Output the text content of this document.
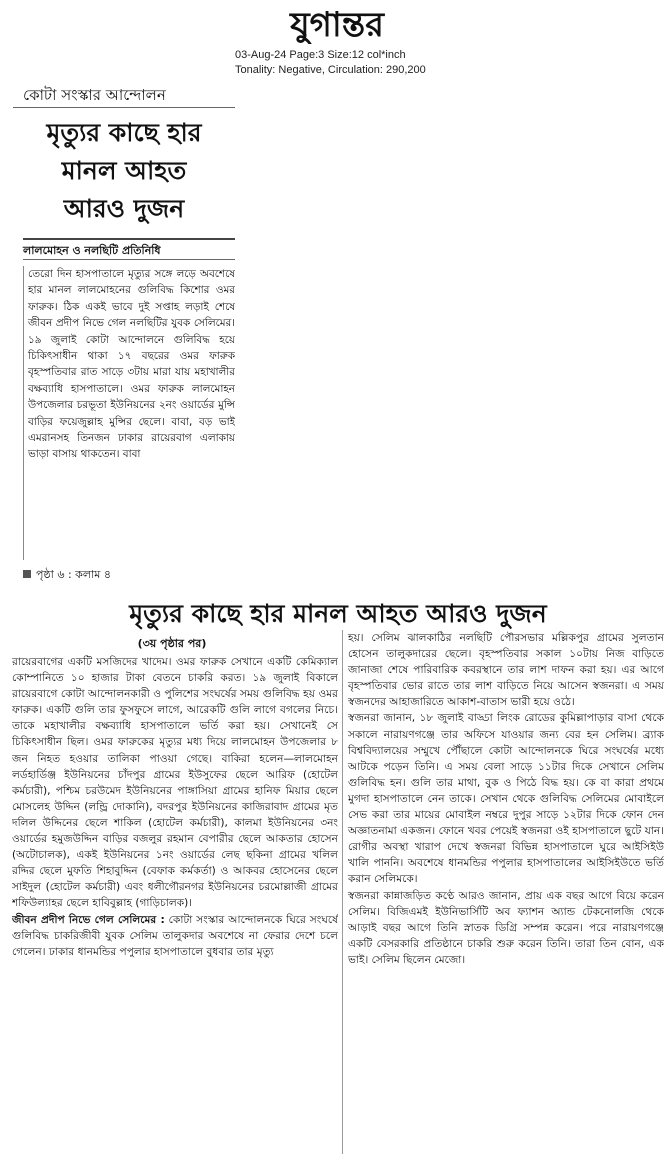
যুগান্তর
03-Aug-24 Page:3 Size:12 col*inch
Tonality: Negative, Circulation: 290,200
কোটা সংস্কার আন্দোলন
মৃত্যুর কাছে হার
মানল আহত
আরও দুজন
লালমোহন ও নলছিটি প্রতিনিধি

তেরো দিন হাসপাতালে মৃত্যুর সঙ্গে লড়ে অবশেষে হার মানল লালমোহনের গুলিবিদ্ধ কিশোর ওমর ফারুক। ঠিক একই ভাবে দুই সপ্তাহ লড়াই শেষে জীবন প্রদীপ নিভে গেল নলছিটির যুবক সেলিমের। ১৯ জুলাই কোটা আন্দোলনে গুলিবিদ্ধ হয়ে চিকিৎসাধীন থাকা ১৭ বছরের ওমর ফারুক বৃহস্পতিবার রাত সাড়ে ৩টায় মারা যায় মহাখালীর বক্ষব্যাধি হাসপাতালে। ওমর ফারুক লালমোহন উপজেলার চরভূতা ইউনিয়নের ২নং ওয়ার্ডের মুন্সি বাড়ির ফয়েজুল্লাহ মুন্সির ছেলে। বাবা, বড় ভাই এমরানসহ তিনজন ঢাকার রায়েরবাগ এলাকায় ভাড়া বাসায় থাকতেন। বাবা

পৃষ্ঠা ৬ : কলাম ৪
মৃত্যুর কাছে হার মানল আহত আরও দুজন
(৩য় পৃষ্ঠার পর)

রায়েরবাগের একটি মসজিদের খাদেম। ওমর ফারুক সেখানে একটি কেমিক্যাল কোম্পানিতে ১০ হাজার টাকা বেতনে চাকরি করত। ১৯ জুলাই বিকালে রায়েরবাগে কোটা আন্দোলনকারী ও পুলিশের সংঘর্ষের সময় গুলিবিদ্ধ হয় ওমর ফারুক। একটি গুলি তার ফুসফুসে লাগে, আরেকটি গুলি লাগে বগলের নিচে। তাকে মহাখালীর বক্ষব্যাধি হাসপাতালে ভর্তি করা হয়। সেখানেই সে চিকিৎসাধীন ছিল। ওমর ফারুকের মৃত্যুর মধ্য দিয়ে লালমোহন উপজেলার ৮ জন নিহত হওয়ার তালিকা পাওয়া গেছে। বাকিরা হলেন—লালমোহন লর্ডহার্ডিঞ্জ ইউনিয়নের চাঁদপুর গ্রামের ইউসুফের ছেলে আরিফ (হোটেল কর্মচারী), পশ্চিম চরউমেদ ইউনিয়নের পাঙ্গাসিয়া গ্রামের হানিফ মিয়ার ছেলে মোসলেহ উদ্দিন (লন্ড্রি দোকানি), বদরপুর ইউনিয়নের কাজিরাবাদ গ্রামের মৃত দলিল উদ্দিনের ছেলে শাকিল (হোটেল কর্মচারী), কালমা ইউনিয়নের ৩নং ওয়ার্ডের হমুজউদ্দিন বাড়ির বজলুর রহমান বেপারীর ছেলে আকতার হোসেন (অটোচালক), একই ইউনিয়নের ১নং ওয়ার্ডের লেছ ছকিনা গ্রামের খলিল রদ্দির ছেলে মুফতি শিহাবুদ্দিন (বেফাক কর্মকর্তা) ও আকবর হোসেনের ছেলে সাইদুল (হোটেল কর্মচারী) এবং ধলীগৌরনগর ইউনিয়নের চরমোল্লাজী গ্রামের শফিউল্যাহর ছেলে হাবিবুল্লাহ (গাড়িচালক)।

জীবন প্রদীপ নিভে গেল সেলিমের : কোটা সংস্কার আন্দোলনকে ঘিরে সংঘর্ষে গুলিবিদ্ধ চাকরিজীবী যুবক সেলিম তালুকদার অবশেষে না ফেরার দেশে চলে গেলেন। ঢাকার ধানমন্ডির পপুলার হাসপাতালে বুধবার তার মৃত্যু

হয়। সেলিম ঝালকাঠির নলছিটি পৌরসভার মল্লিকপুর গ্রামের সুলতান হোসেন তালুকদারের ছেলে। বৃহস্পতিবার সকাল ১০টায় নিজ বাড়িতে জানাজা শেষে পারিবারিক কবরস্থানে তার লাশ দাফন করা হয়। এর আগে বৃহস্পতিবার ভোর রাতে তার লাশ বাড়িতে নিয়ে আসেন স্বজনরা। এ সময় স্বজনদের আহাজারিতে আকাশ-বাতাস ভারী হয়ে ওঠে।

স্বজনরা জানান, ১৮ জুলাই বাড্ডা লিংক রোডের কুমিল্লাপাড়ার বাসা থেকে সকালে নারায়ণগঞ্জে তার অফিসে যাওয়ার জন্য বের হন সেলিম। ব্র্যাক বিশ্ববিদ্যালয়ের সম্মুখে পৌঁছালে কোটা আন্দোলনকে ঘিরে সংঘর্ষের মধ্যে আটকে পড়েন তিনি। এ সময় বেলা সাড়ে ১১টার দিকে সেখানে সেলিম গুলিবিদ্ধ হন। গুলি তার মাথা, বুক ও পিঠে বিদ্ধ হয়। কে বা কারা প্রথমে মুগদা হাসপাতালে নেন তাকে। সেখান থেকে গুলিবিদ্ধ সেলিমের মোবাইলে সেভ করা তার মায়ের মোবাইল নম্বরে দুপুর সাড়ে ১২টার দিকে ফোন দেন অজ্ঞাতনামা একজন। ফোনে খবর পেয়েই স্বজনরা ওই হাসপাতালে ছুটে যান। রোগীর অবস্থা খারাপ দেখে স্বজনরা বিভিন্ন হাসপাতালে ঘুরে আইসিইউ খালি পাননি। অবশেষে ধানমন্ডির পপুলার হাসপাতালের আইসিইউতে ভর্তি করান সেলিমকে।

স্বজনরা কান্নাজড়িত কণ্ঠে আরও জানান, প্রায় এক বছর আগে বিয়ে করেন সেলিম। বিজিএমই ইউনিভার্সিটি অব ফ্যাশন অ্যান্ড টেকনোলজি থেকে আড়াই বছর আগে তিনি স্নাতক ডিগ্রি সম্পন্ন করেন। পরে নারায়ণগঞ্জে একটি বেসরকারি প্রতিষ্ঠানে চাকরি শুরু করেন তিনি। তারা তিন বোন, এক ভাই। সেলিম ছিলেন মেজো।
